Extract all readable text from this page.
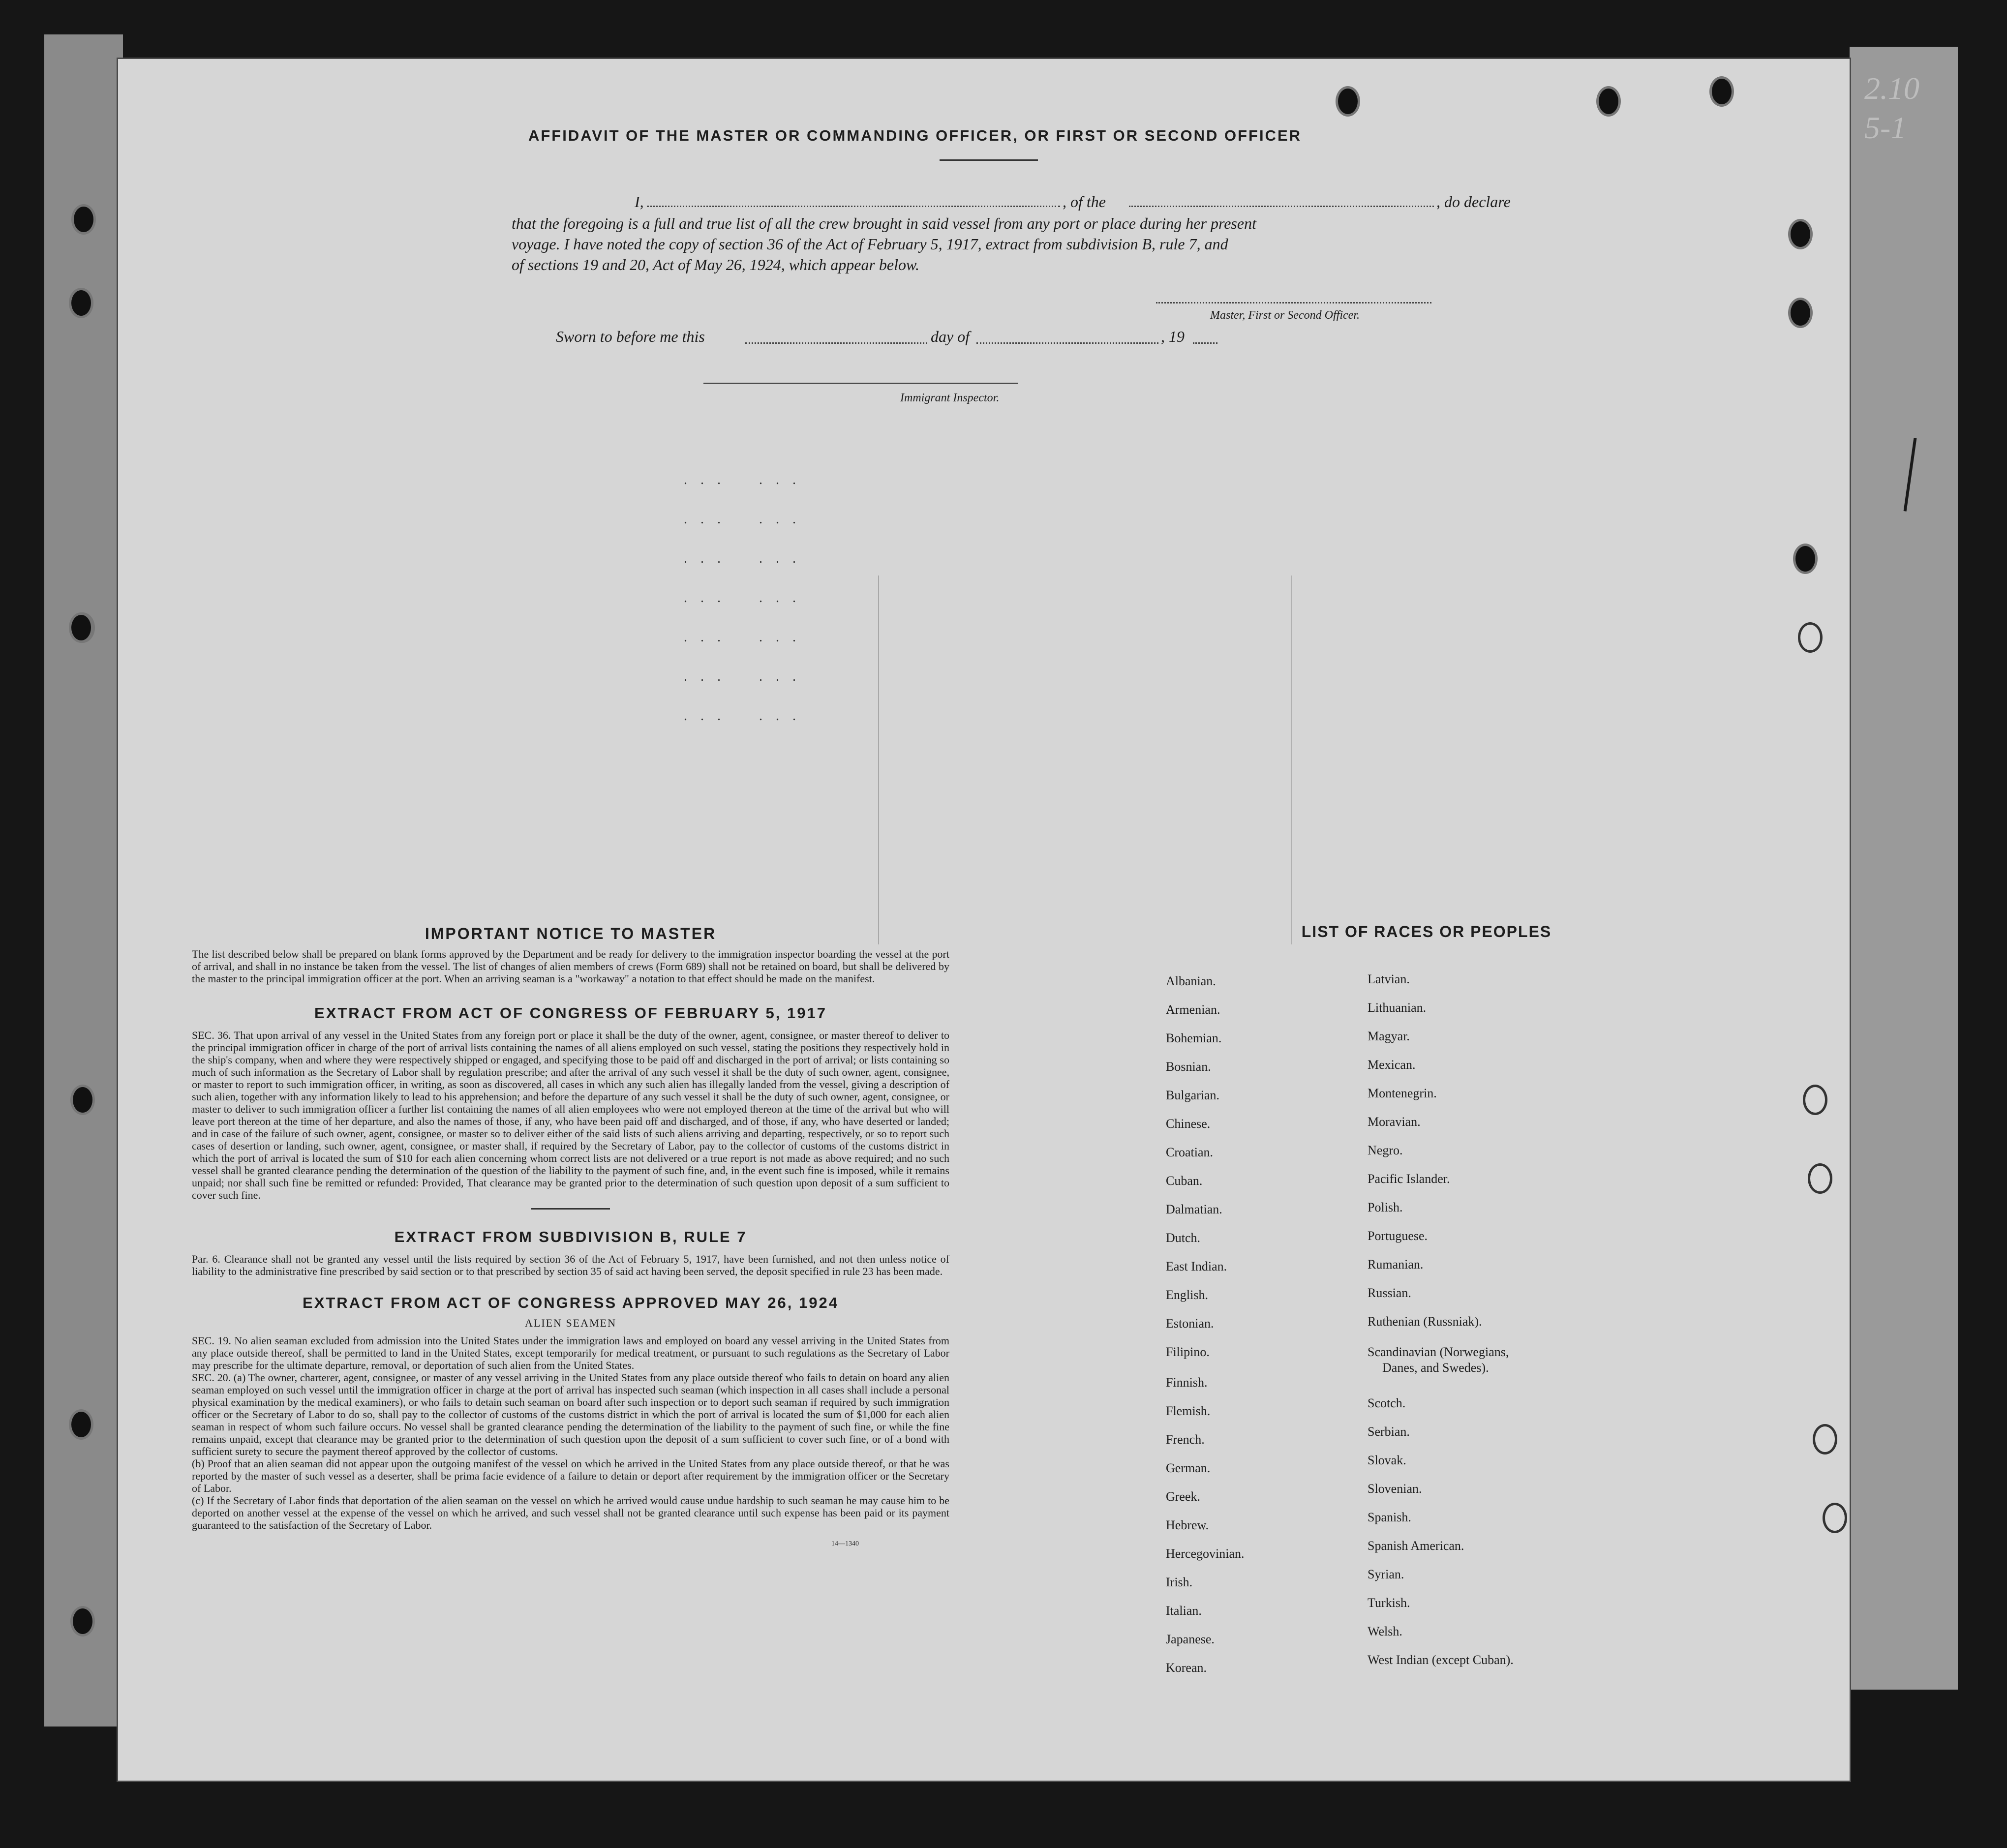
AFFIDAVIT OF THE MASTER OR COMMANDING OFFICER, OR FIRST OR SECOND OFFICER
I,	, of the	, do declare
that the foregoing is a full and true list of all the crew brought in said vessel from any port or place during her present
voyage. I have noted the copy of section 36 of the Act of February 5, 1917, extract from subdivision B, rule 7, and
of sections 19 and 20, Act of May 26, 1924, which appear below.
Master, First or Second Officer.
Sworn to before me this	day of	, 19
Immigrant Inspector.
. . .    . . .
. . .    . . .
. . .    . . .
. . .    . . .
. . .    . . .
. . .    . . .
. . .    . . .
IMPORTANT NOTICE TO MASTER
The list described below shall be prepared on blank forms approved by the Department and be ready for delivery to the immigration inspector boarding the vessel at the port of arrival, and shall in no instance be taken from the vessel. The list of changes of alien members of crews (Form 689) shall not be retained on board, but shall be delivered by the master to the principal immigration officer at the port. When an arriving seaman is a "workaway" a notation to that effect should be made on the manifest.
EXTRACT FROM ACT OF CONGRESS OF FEBRUARY 5, 1917
SEC. 36. That upon arrival of any vessel in the United States from any foreign port or place it shall be the duty of the owner, agent, consignee, or master thereof to deliver to the principal immigration officer in charge of the port of arrival lists containing the names of all aliens employed on such vessel, stating the positions they respectively hold in the ship's company, when and where they were respectively shipped or engaged, and specifying those to be paid off and discharged in the port of arrival; or lists containing so much of such information as the Secretary of Labor shall by regulation prescribe; and after the arrival of any such vessel it shall be the duty of such owner, agent, consignee, or master to report to such immigration officer, in writing, as soon as discovered, all cases in which any such alien has illegally landed from the vessel, giving a description of such alien, together with any information likely to lead to his apprehension; and before the departure of any such vessel it shall be the duty of such owner, agent, consignee, or master to deliver to such immigration officer a further list containing the names of all alien employees who were not employed thereon at the time of the arrival but who will leave port thereon at the time of her departure, and also the names of those, if any, who have been paid off and discharged, and of those, if any, who have deserted or landed; and in case of the failure of such owner, agent, consignee, or master so to deliver either of the said lists of such aliens arriving and departing, respectively, or so to report such cases of desertion or landing, such owner, agent, consignee, or master shall, if required by the Secretary of Labor, pay to the collector of customs of the customs district in which the port of arrival is located the sum of $10 for each alien concerning whom correct lists are not delivered or a true report is not made as above required; and no such vessel shall be granted clearance pending the determination of the question of the liability to the payment of such fine, and, in the event such fine is imposed, while it remains unpaid; nor shall such fine be remitted or refunded: Provided, That clearance may be granted prior to the determination of such question upon deposit of a sum sufficient to cover such fine.
EXTRACT FROM SUBDIVISION B, RULE 7
Par. 6. Clearance shall not be granted any vessel until the lists required by section 36 of the Act of February 5, 1917, have been furnished, and not then unless notice of liability to the administrative fine prescribed by said section or to that prescribed by section 35 of said act having been served, the deposit specified in rule 23 has been made.
EXTRACT FROM ACT OF CONGRESS APPROVED MAY 26, 1924
ALIEN SEAMEN
SEC. 19. No alien seaman excluded from admission into the United States under the immigration laws and employed on board any vessel arriving in the United States from any place outside thereof, shall be permitted to land in the United States, except temporarily for medical treatment, or pursuant to such regulations as the Secretary of Labor may prescribe for the ultimate departure, removal, or deportation of such alien from the United States.
SEC. 20. (a) The owner, charterer, agent, consignee, or master of any vessel arriving in the United States from any place outside thereof who fails to detain on board any alien seaman employed on such vessel until the immigration officer in charge at the port of arrival has inspected such seaman (which inspection in all cases shall include a personal physical examination by the medical examiners), or who fails to detain such seaman on board after such inspection or to deport such seaman if required by such immigration officer or the Secretary of Labor to do so, shall pay to the collector of customs of the customs district in which the port of arrival is located the sum of $1,000 for each alien seaman in respect of whom such failure occurs. No vessel shall be granted clearance pending the determination of the liability to the payment of such fine, or while the fine remains unpaid, except that clearance may be granted prior to the determination of such question upon the deposit of a sum sufficient to cover such fine, or of a bond with sufficient surety to secure the payment thereof approved by the collector of customs.
(b) Proof that an alien seaman did not appear upon the outgoing manifest of the vessel on which he arrived in the United States from any place outside thereof, or that he was reported by the master of such vessel as a deserter, shall be prima facie evidence of a failure to detain or deport after requirement by the immigration officer or the Secretary of Labor.
(c) If the Secretary of Labor finds that deportation of the alien seaman on the vessel on which he arrived would cause undue hardship to such seaman he may cause him to be deported on another vessel at the expense of the vessel on which he arrived, and such vessel shall not be granted clearance until such expense has been paid or its payment guaranteed to the satisfaction of the Secretary of Labor.
14—1340
LIST OF RACES OR PEOPLES
Albanian.
Armenian.
Bohemian.
Bosnian.
Bulgarian.
Chinese.
Croatian.
Cuban.
Dalmatian.
Dutch.
East Indian.
English.
Estonian.
Filipino.
Finnish.
Flemish.
French.
German.
Greek.
Hebrew.
Hercegovinian.
Irish.
Italian.
Japanese.
Korean.
Latvian.
Lithuanian.
Magyar.
Mexican.
Montenegrin.
Moravian.
Negro.
Pacific Islander.
Polish.
Portuguese.
Rumanian.
Russian.
Ruthenian (Russniak).
Scandinavian (Norwegians,
Danes, and Swedes).
Scotch.
Serbian.
Slovak.
Slovenian.
Spanish.
Spanish American.
Syrian.
Turkish.
Welsh.
West Indian (except Cuban).
2.10 5-1
